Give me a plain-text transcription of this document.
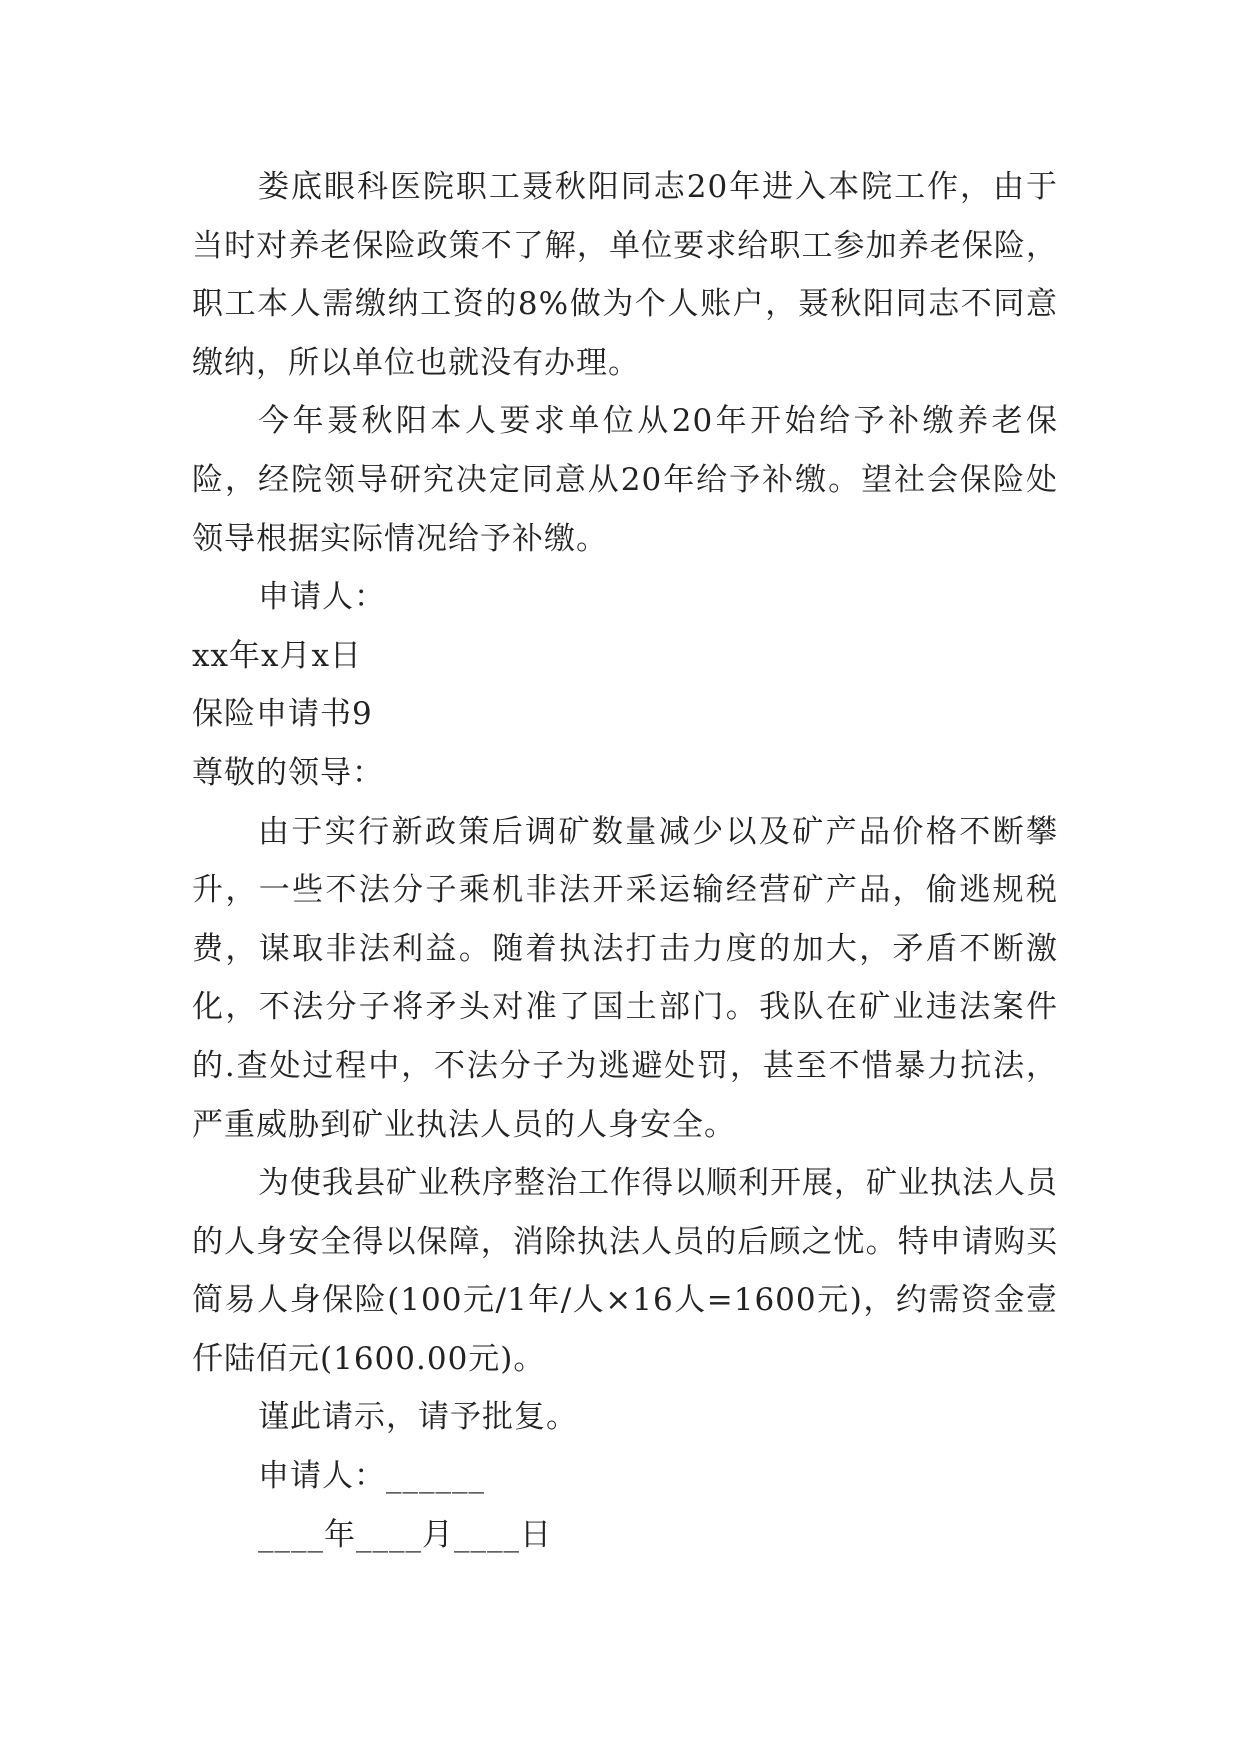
娄底眼科医院职工聂秋阳同志20年进入本院工作，由于当时对养老保险政策不了解，单位要求给职工参加养老保险，职工本人需缴纳工资的8%做为个人账户，聂秋阳同志不同意缴纳，所以单位也就没有办理。

今年聂秋阳本人要求单位从20年开始给予补缴养老保险，经院领导研究决定同意从20年给予补缴。望社会保险处领导根据实际情况给予补缴。

申请人：

xx年x月x日

保险申请书9

尊敬的领导：

由于实行新政策后调矿数量减少以及矿产品价格不断攀升，一些不法分子乘机非法开采运输经营矿产品，偷逃规税费，谋取非法利益。随着执法打击力度的加大，矛盾不断激化，不法分子将矛头对准了国土部门。我队在矿业违法案件的.查处过程中，不法分子为逃避处罚，甚至不惜暴力抗法，严重威胁到矿业执法人员的人身安全。

为使我县矿业秩序整治工作得以顺利开展，矿业执法人员的人身安全得以保障，消除执法人员的后顾之忧。特申请购买简易人身保险(100元/1年/人×16人=1600元)，约需资金壹仟陆佰元(1600.00元)。

谨此请示，请予批复。

申请人：______

____年____月____日
